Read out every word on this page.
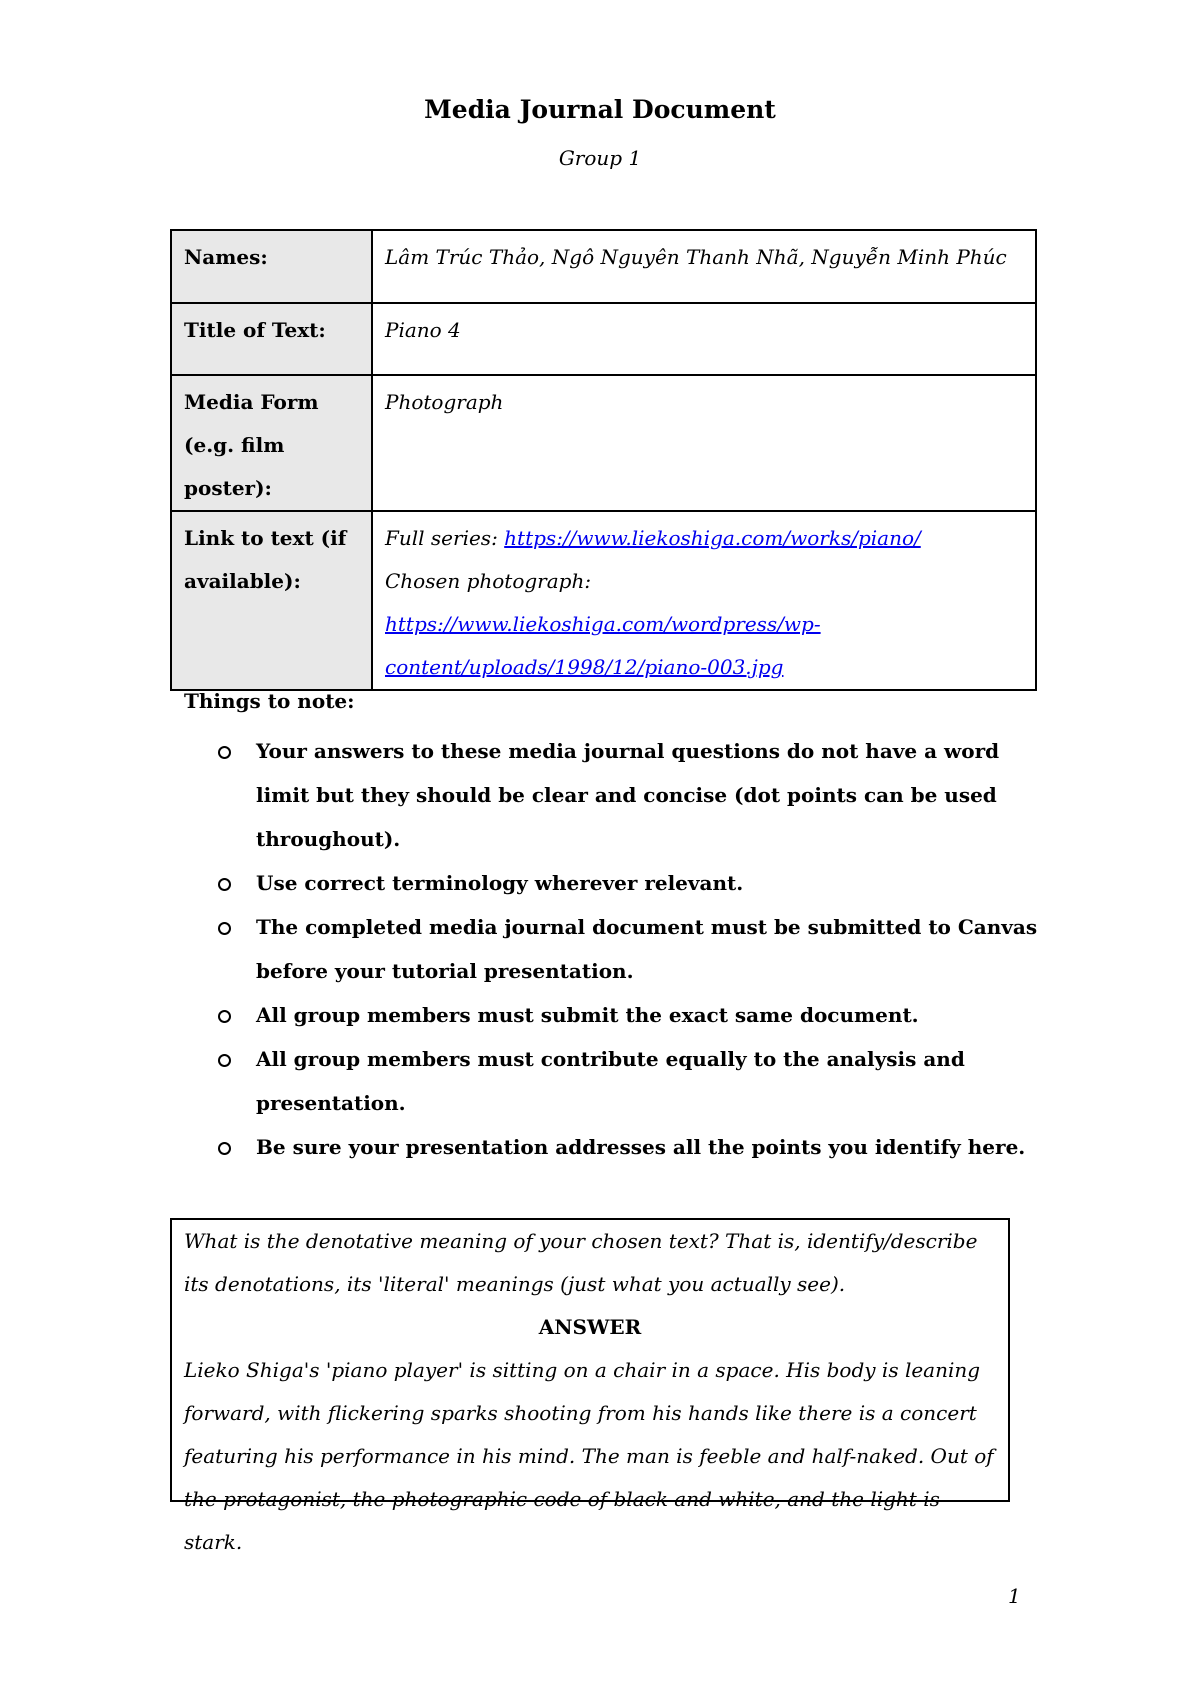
Media Journal Document
Group 1
Names:	Lâm Trúc Thảo, Ngô Nguyên Thanh Nhã, Nguyễn Minh Phúc
Title of Text:	Piano 4
Media Form (e.g. film poster):	Photograph
Link to text (if available):	Full series: https://www.liekoshiga.com/works/piano/
Chosen photograph:
https://www.liekoshiga.com/wordpress/wp-content/uploads/1998/12/piano-003.jpg
Things to note:
Your answers to these media journal questions do not have a word limit but they should be clear and concise (dot points can be used throughout).
Use correct terminology wherever relevant.
The completed media journal document must be submitted to Canvas before your tutorial presentation.
All group members must submit the exact same document.
All group members must contribute equally to the analysis and presentation.
Be sure your presentation addresses all the points you identify here.
What is the denotative meaning of your chosen text? That is, identify/describe its denotations, its 'literal' meanings (just what you actually see).
ANSWER
Lieko Shiga's 'piano player' is sitting on a chair in a space. His body is leaning forward, with flickering sparks shooting from his hands like there is a concert featuring his performance in his mind. The man is feeble and half-naked. Out of the protagonist, the photographic code of black and white, and the light is stark.
1
